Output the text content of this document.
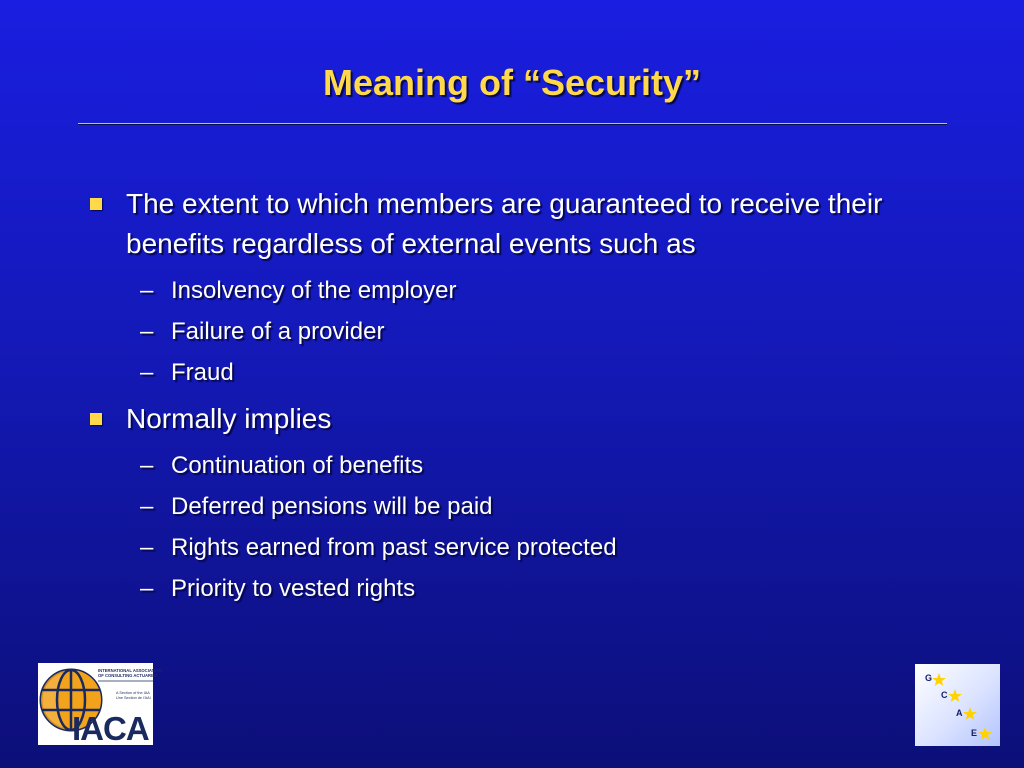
Meaning of “Security”
The extent to which members are guaranteed to receive their benefits regardless of external events such as
– Insolvency of the employer
– Failure of a provider
– Fraud
Normally implies
– Continuation of benefits
– Deferred pensions will be paid
– Rights earned from past service protected
– Priority to vested rights
INTERNATIONAL ASSOCIATION
OF CONSULTING ACTUARIES
A Section of the IAA
Une Section de l'AAI
IACA
G
C
A
E
